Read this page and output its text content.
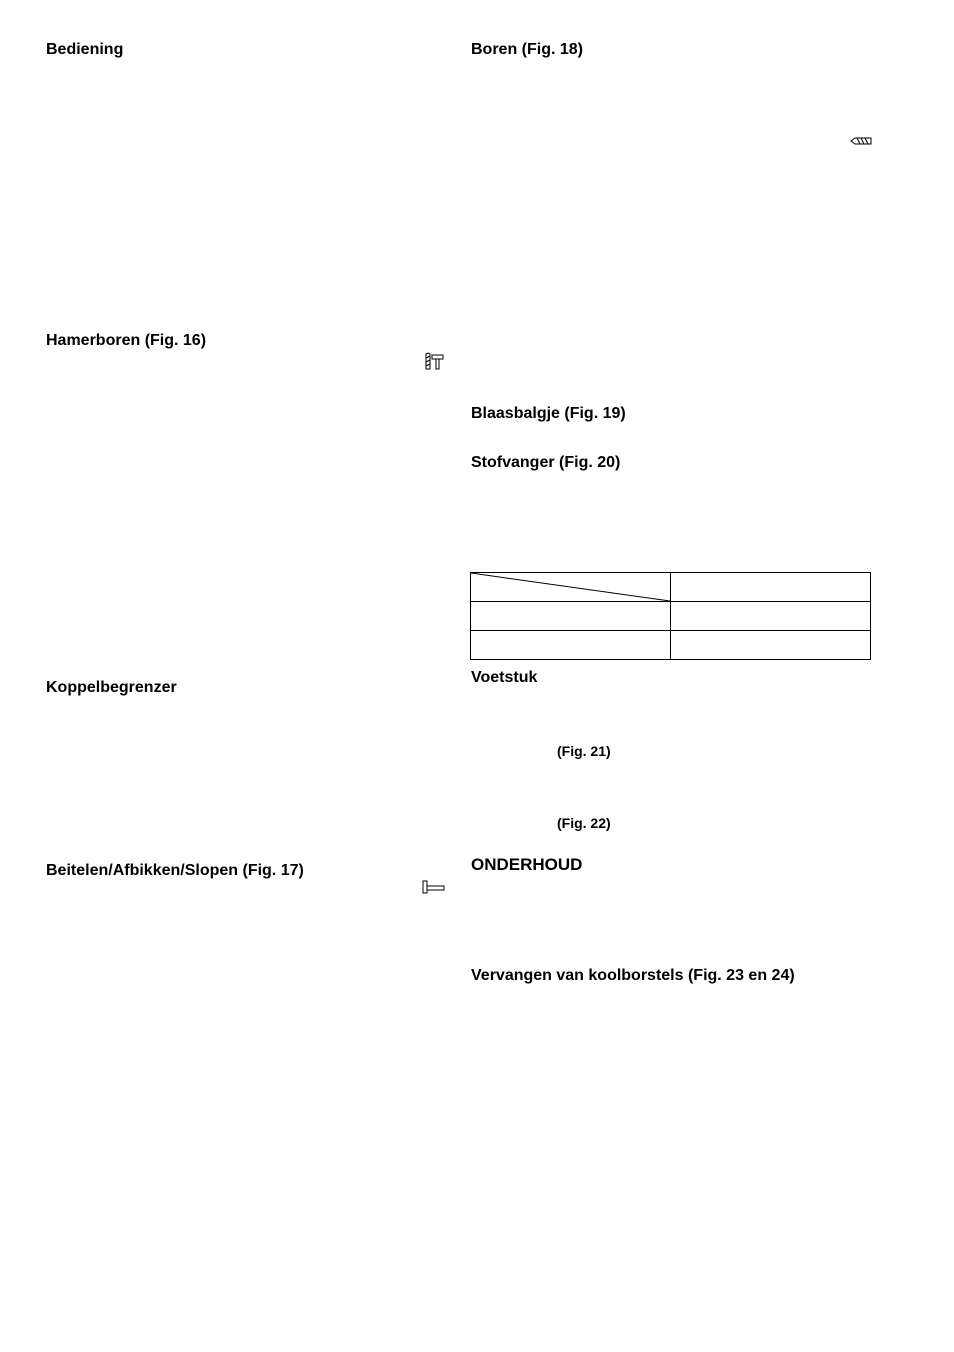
Bediening
Hamerboren (Fig. 16)
Koppelbegrenzer
Beitelen/Afbikken/Slopen (Fig. 17)
Boren (Fig. 18)
Blaasbalgje (Fig. 19)
Stofvanger (Fig. 20)
Voetstuk
(Fig. 21)
(Fig. 22)
ONDERHOUD
Vervangen van koolborstels (Fig. 23 en 24)
